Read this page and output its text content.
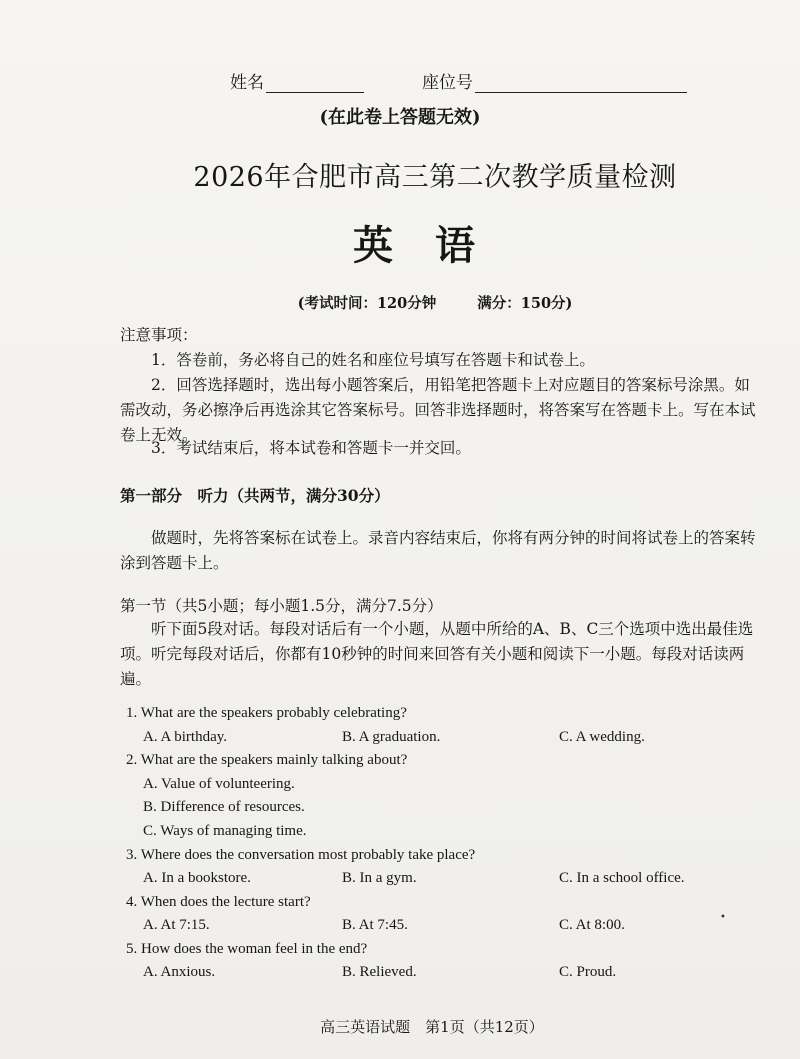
姓名	座位号
(在此卷上答题无效)
2026年合肥市高三第二次教学质量检测
英语
(考试时间：120分钟	满分：150分)
注意事项：
1．答卷前，务必将自己的姓名和座位号填写在答题卡和试卷上。
2．回答选择题时，选出每小题答案后，用铅笔把答题卡上对应题目的答案标号涂黑。如需改动，务必擦净后再选涂其它答案标号。回答非选择题时，将答案写在答题卡上。写在本试卷上无效。
3．考试结束后，将本试卷和答题卡一并交回。
第一部分　听力（共两节，满分30分）
做题时，先将答案标在试卷上。录音内容结束后，你将有两分钟的时间将试卷上的答案转涂到答题卡上。
第一节（共5小题；每小题1.5分，满分7.5分）
听下面5段对话。每段对话后有一个小题，从题中所给的A、B、C三个选项中选出最佳选项。听完每段对话后，你都有10秒钟的时间来回答有关小题和阅读下一小题。每段对话读两遍。
1. What are the speakers probably celebrating?
A. A birthday.	B. A graduation.	C. A wedding.
2. What are the speakers mainly talking about?
A. Value of volunteering.
B. Difference of resources.
C. Ways of managing time.
3. Where does the conversation most probably take place?
A. In a bookstore.	B. In a gym.	C. In a school office.
4. When does the lecture start?
A. At 7:15.	B. At 7:45.	C. At 8:00.	•
5. How does the woman feel in the end?
A. Anxious.	B. Relieved.	C. Proud.
高三英语试题　第1页（共12页）
